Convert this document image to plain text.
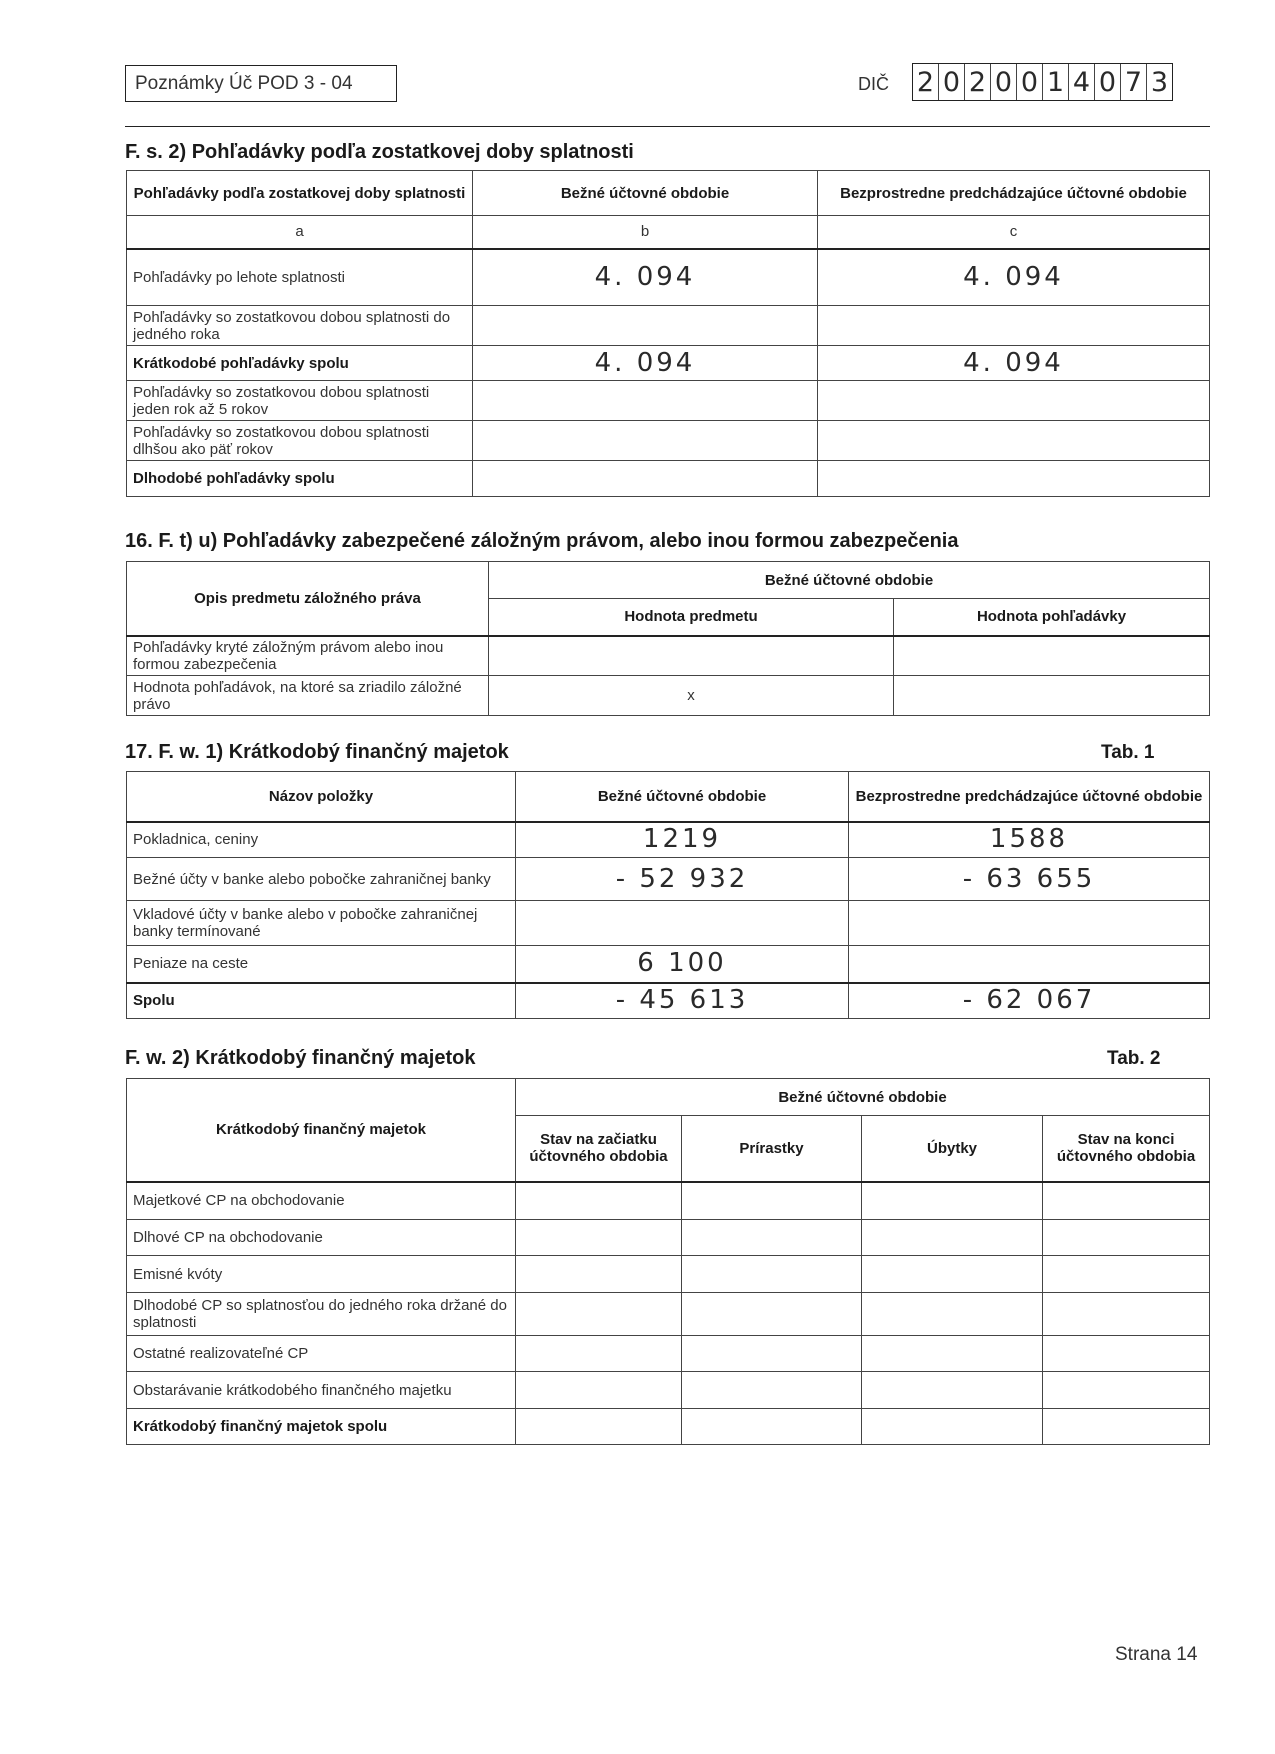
Poznámky Úč POD 3 - 04	DIČ 2 0 2 0 0 1 4 0 7 3
F. s. 2) Pohľadávky podľa zostatkovej doby splatnosti
Pohľadávky podľa zostatkovej doby splatnosti	Bežné účtovné obdobie	Bezprostredne predchádzajúce účtovné obdobie
a	b	c
Pohľadávky po lehote splatnosti	4. 094	4. 094
Pohľadávky so zostatkovou dobou splatnosti do jedného roka		
Krátkodobé pohľadávky spolu	4. 094	4. 094
Pohľadávky so zostatkovou dobou splatnosti jeden rok až 5 rokov		
Pohľadávky so zostatkovou dobou splatnosti dlhšou ako päť rokov		
Dlhodobé pohľadávky spolu		
16. F. t) u) Pohľadávky zabezpečené záložným právom, alebo inou formou zabezpečenia
Opis predmetu záložného práva	Bežné účtovné obdobie	
	Hodnota predmetu	Hodnota pohľadávky
Pohľadávky kryté záložným právom alebo inou formou zabezpečenia		
Hodnota pohľadávok, na ktoré sa zriadilo záložné právo	x	
17. F. w. 1) Krátkodobý finančný majetok	Tab. 1
Názov položky	Bežné účtovné obdobie	Bezprostredne predchádzajúce účtovné obdobie
Pokladnica, ceniny	1219	1588
Bežné účty v banke alebo pobočke zahraničnej banky	- 52 932	- 63 655
Vkladové účty v banke alebo v pobočke zahraničnej banky termínované		
Peniaze na ceste	6 100	
Spolu	- 45 613	- 62 067
F. w. 2) Krátkodobý finančný majetok	Tab. 2
Krátkodobý finančný majetok	Bežné účtovné obdobie			
	Stav na začiatku účtovného obdobia	Prírastky	Úbytky	Stav na konci účtovného obdobia
Majetkové CP na obchodovanie				
Dlhové CP na obchodovanie				
Emisné kvóty				
Dlhodobé CP so splatnosťou do jedného roka držané do splatnosti				
Ostatné realizovateľné CP				
Obstarávanie krátkodobého finančného majetku				
Krátkodobý finančný majetok spolu				
Strana 14
